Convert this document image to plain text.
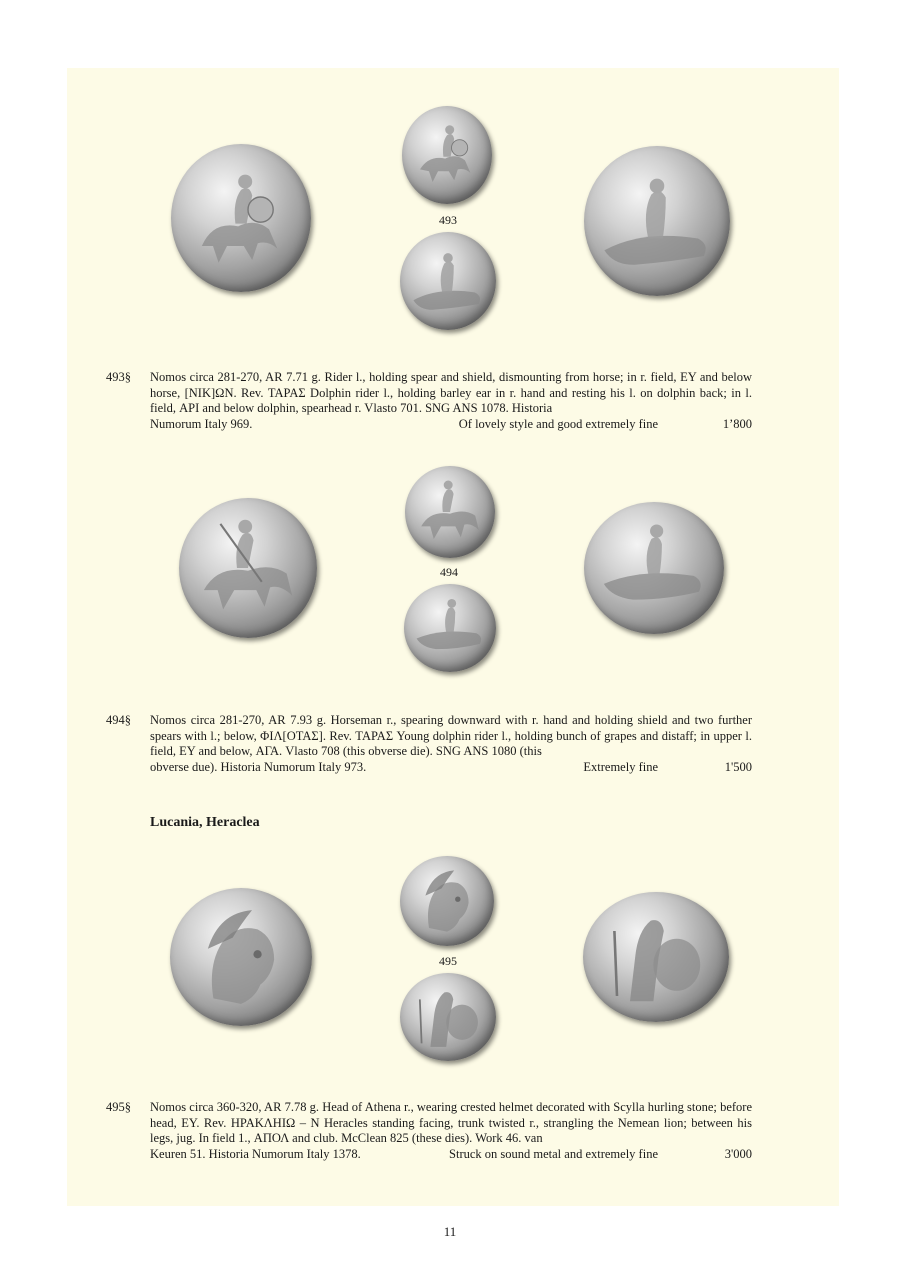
493
493§	Nomos circa 281-270, AR 7.71 g. Rider l., holding spear and shield, dismounting from horse; in r. field, ΕΥ and below horse, [ΝΙΚ]ΩΝ. Rev. ΤΑΡΑΣ Dolphin rider l., holding barley ear in r. hand and resting his l. on dolphin back; in l. field, ΑΡΙ and below dolphin, spearhead r. Vlasto 701. SNG ANS 1078. Historia
Numorum Italy 969.	Of lovely style and good extremely fine	1’800
494
494§	Nomos circa 281-270, AR 7.93 g. Horseman r., spearing downward with r. hand and holding shield and two further spears with l.; below, ΦΙΛ[ΟΤΑΣ]. Rev. ΤΑΡΑΣ Young dolphin rider l., holding bunch of grapes and distaff; in upper l. field, ΕΥ and below, ΑΓΑ. Vlasto 708 (this obverse die). SNG ANS 1080 (this
obverse due). Historia Numorum Italy 973.	Extremely fine	1'500
Lucania, Heraclea
495
495§	Nomos circa 360-320, AR 7.78 g. Head of Athena r., wearing crested helmet decorated with Scylla hurling stone; before head, ΕΥ. Rev. ΗΡΑΚΛΗΙΩ – Ν Heracles standing facing, trunk twisted r., strangling the Nemean lion; between his legs, jug. In field 1., ΑΠΟΛ and club. McClean 825 (these dies). Work 46. van
Keuren 51. Historia Numorum Italy 1378.	Struck on sound metal and extremely fine	3'000
11
